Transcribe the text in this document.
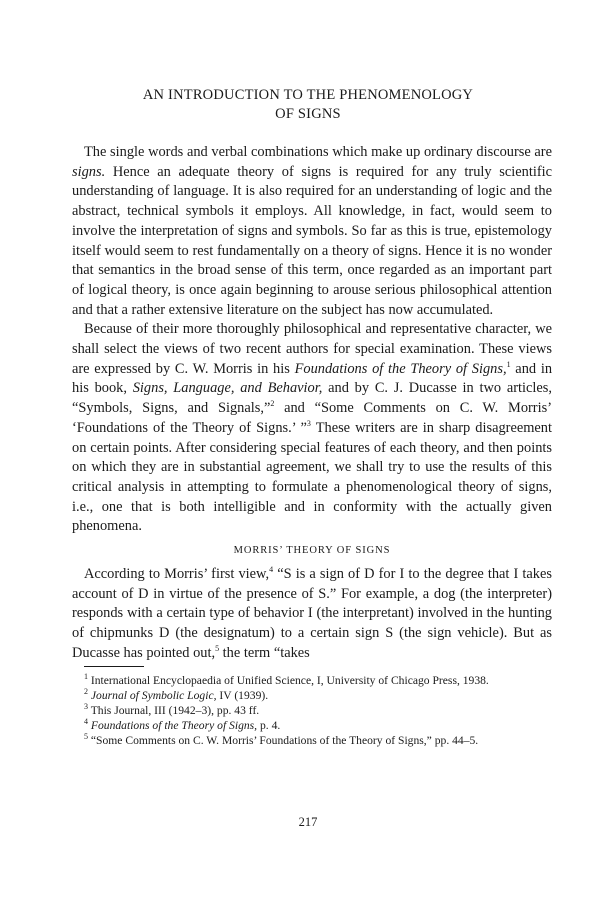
AN INTRODUCTION TO THE PHENOMENOLOGY
OF SIGNS

The single words and verbal combinations which make up ordinary discourse are signs. Hence an adequate theory of signs is required for any truly scientific understanding of language. It is also required for an understanding of logic and the abstract, technical symbols it employs. All knowledge, in fact, would seem to involve the interpretation of signs and symbols. So far as this is true, epistemology itself would seem to rest fundamentally on a theory of signs. Hence it is no wonder that semantics in the broad sense of this term, once regarded as an important part of logical theory, is once again beginning to arouse serious philosophical attention and that a rather extensive literature on the subject has now accumulated.

Because of their more thoroughly philosophical and representative character, we shall select the views of two recent authors for special examination. These views are expressed by C. W. Morris in his Foundations of the Theory of Signs,$^1$ and in his book, Signs, Language, and Behavior, and by C. J. Ducasse in two articles, “Symbols, Signs, and Signals,”$^2$ and “Some Comments on C. W. Morris’ ‘Foundations of the Theory of Signs.’ ”$^3$ These writers are in sharp disagreement on certain points. After considering special features of each theory, and then points on which they are in substantial agreement, we shall try to use the results of this critical analysis in attempting to formulate a phenomenological theory of signs, i.e., one that is both intelligible and in conformity with the actually given phenomena.

MORRIS’ THEORY OF SIGNS

According to Morris’ first view,$^4$ “S is a sign of D for I to the degree that I takes account of D in virtue of the presence of S.” For example, a dog (the interpreter) responds with a certain type of behavior I (the interpretant) involved in the hunting of chipmunks D (the designatum) to a certain sign S (the sign vehicle). But as Ducasse has pointed out,$^5$ the term “takes

$^1$ International Encyclopaedia of Unified Science, I, University of Chicago Press, 1938.
$^2$ Journal of Symbolic Logic, IV (1939).
$^3$ This Journal, III (1942–3), pp. 43 ff.
$^4$ Foundations of the Theory of Signs, p. 4.
$^5$ “Some Comments on C. W. Morris’ Foundations of the Theory of Signs,” pp. 44–5.
217
